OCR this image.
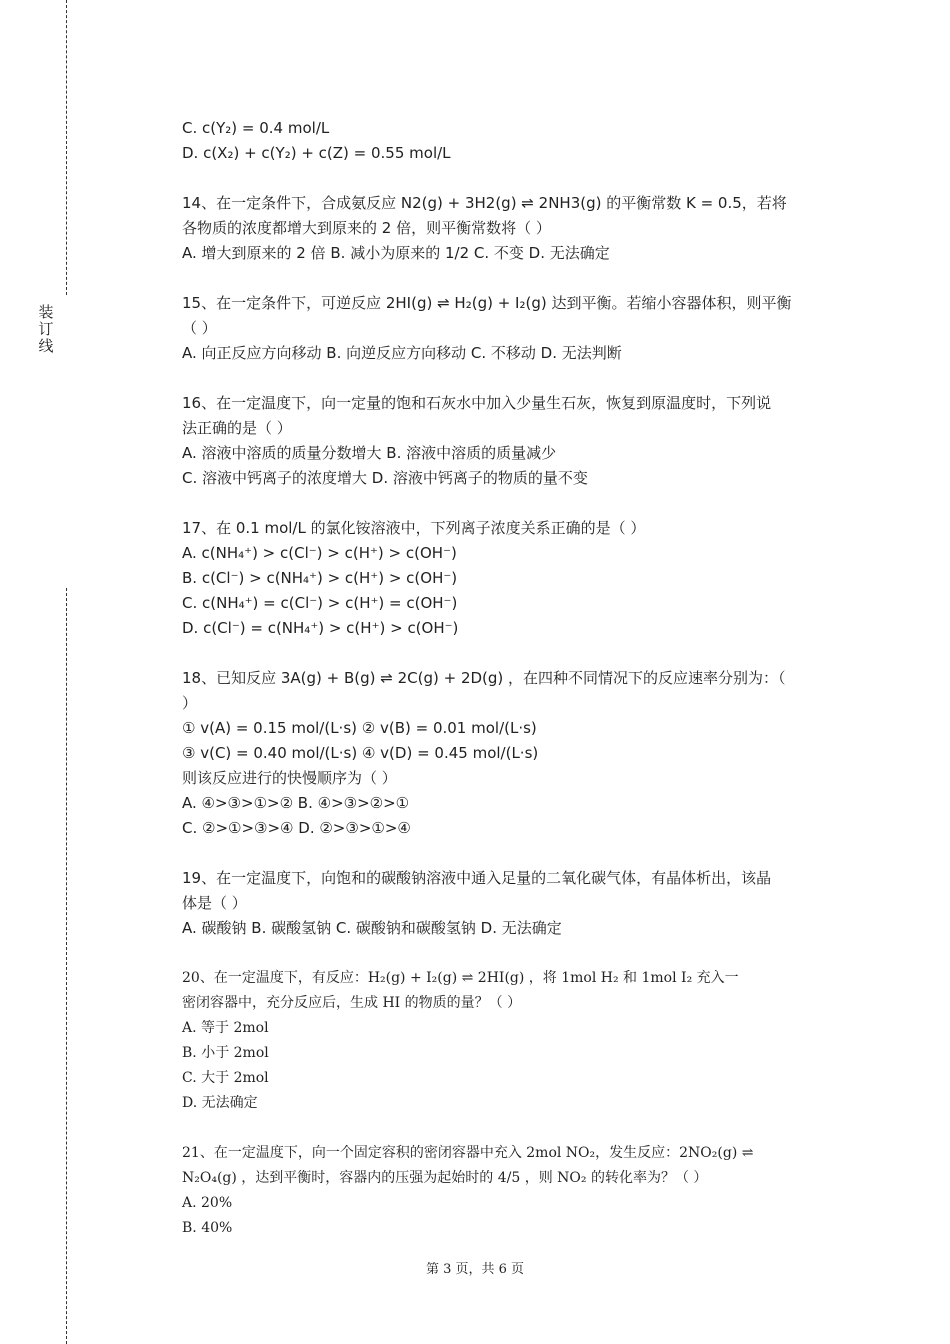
装订线
C. c(Y₂) = 0.4 mol/L
D. c(X₂) + c(Y₂) + c(Z) = 0.55 mol/L
14、在一定条件下，合成氨反应 N2(g) + 3H2(g) ⇌ 2NH3(g) 的平衡常数 K = 0.5，若将
各物质的浓度都增大到原来的 2 倍，则平衡常数将（ ）
A. 增大到原来的 2 倍 B. 减小为原来的 1/2 C. 不变 D. 无法确定
15、在一定条件下，可逆反应 2HI(g) ⇌ H₂(g) + I₂(g) 达到平衡。若缩小容器体积，则平衡
（ ）
A. 向正反应方向移动 B. 向逆反应方向移动 C. 不移动 D. 无法判断
16、在一定温度下，向一定量的饱和石灰水中加入少量生石灰，恢复到原温度时，下列说
法正确的是（ ）
A. 溶液中溶质的质量分数增大 B. 溶液中溶质的质量减少
C. 溶液中钙离子的浓度增大 D. 溶液中钙离子的物质的量不变
17、在 0.1 mol/L 的氯化铵溶液中，下列离子浓度关系正确的是（ ）
A. c(NH₄⁺) > c(Cl⁻) > c(H⁺) > c(OH⁻)
B. c(Cl⁻) > c(NH₄⁺) > c(H⁺) > c(OH⁻)
C. c(NH₄⁺) = c(Cl⁻) > c(H⁺) = c(OH⁻)
D. c(Cl⁻) = c(NH₄⁺) > c(H⁺) > c(OH⁻)
18、已知反应 3A(g) + B(g) ⇌ 2C(g) + 2D(g) ，在四种不同情况下的反应速率分别为：（
）
① v(A) = 0.15 mol/(L·s) ② v(B) = 0.01 mol/(L·s)
③ v(C) = 0.40 mol/(L·s) ④ v(D) = 0.45 mol/(L·s)
则该反应进行的快慢顺序为（ ）
A. ④>③>①>② B. ④>③>②>①
C. ②>①>③>④ D. ②>③>①>④
19、在一定温度下，向饱和的碳酸钠溶液中通入足量的二氧化碳气体，有晶体析出，该晶
体是（ ）
A. 碳酸钠 B. 碳酸氢钠 C. 碳酸钠和碳酸氢钠 D. 无法确定
20、在一定温度下，有反应：H₂(g) + I₂(g) ⇌ 2HI(g) ，将 1mol H₂ 和 1mol I₂ 充入一
密闭容器中，充分反应后，生成 HI 的物质的量？（ ）
A. 等于 2mol
B. 小于 2mol
C. 大于 2mol
D. 无法确定
21、在一定温度下，向一个固定容积的密闭容器中充入 2mol NO₂，发生反应：2NO₂(g) ⇌
N₂O₄(g) ，达到平衡时，容器内的压强为起始时的 4/5 ，则 NO₂ 的转化率为？（ ）
A. 20%
B. 40%
第 3 页，共 6 页
